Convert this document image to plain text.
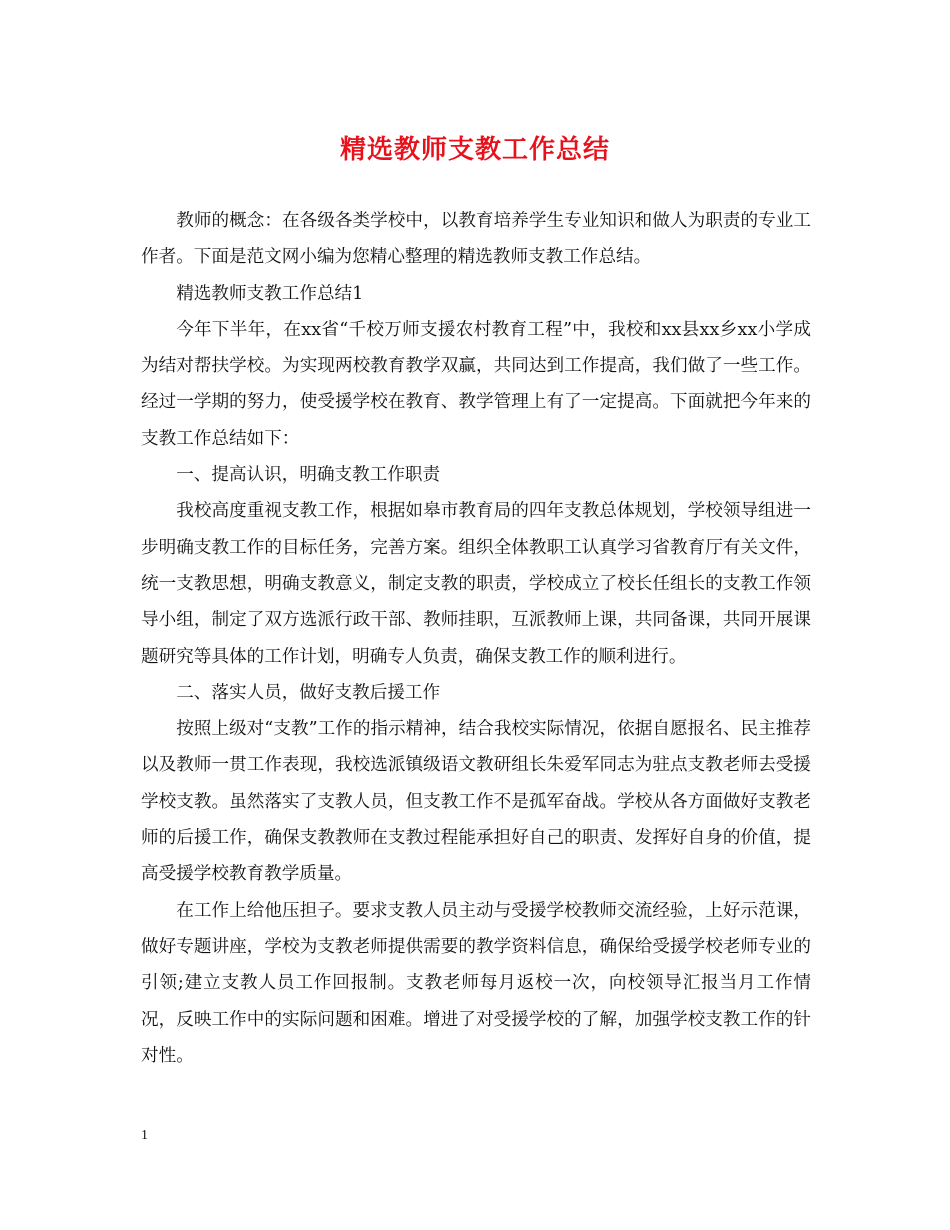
精选教师支教工作总结

教师的概念：在各级各类学校中，以教育培养学生专业知识和做人为职责的专业工作者。下面是范文网小编为您精心整理的精选教师支教工作总结。

精选教师支教工作总结1

今年下半年，在xx省“千校万师支援农村教育工程”中，我校和xx县xx乡xx小学成为结对帮扶学校。为实现两校教育教学双赢，共同达到工作提高，我们做了一些工作。经过一学期的努力，使受援学校在教育、教学管理上有了一定提高。下面就把今年来的支教工作总结如下：

一、提高认识，明确支教工作职责

我校高度重视支教工作，根据如皋市教育局的四年支教总体规划，学校领导组进一步明确支教工作的目标任务，完善方案。组织全体教职工认真学习省教育厅有关文件，统一支教思想，明确支教意义，制定支教的职责，学校成立了校长任组长的支教工作领导小组，制定了双方选派行政干部、教师挂职，互派教师上课，共同备课，共同开展课题研究等具体的工作计划，明确专人负责，确保支教工作的顺利进行。

二、落实人员，做好支教后援工作

按照上级对“支教”工作的指示精神，结合我校实际情况，依据自愿报名、民主推荐以及教师一贯工作表现，我校选派镇级语文教研组长朱爱军同志为驻点支教老师去受援学校支教。虽然落实了支教人员，但支教工作不是孤军奋战。学校从各方面做好支教老师的后援工作，确保支教教师在支教过程能承担好自己的职责、发挥好自身的价值，提高受援学校教育教学质量。

在工作上给他压担子。要求支教人员主动与受援学校教师交流经验，上好示范课，做好专题讲座，学校为支教老师提供需要的教学资料信息，确保给受援学校老师专业的引领;建立支教人员工作回报制。支教老师每月返校一次，向校领导汇报当月工作情况，反映工作中的实际问题和困难。增进了对受援学校的了解，加强学校支教工作的针对性。

1
